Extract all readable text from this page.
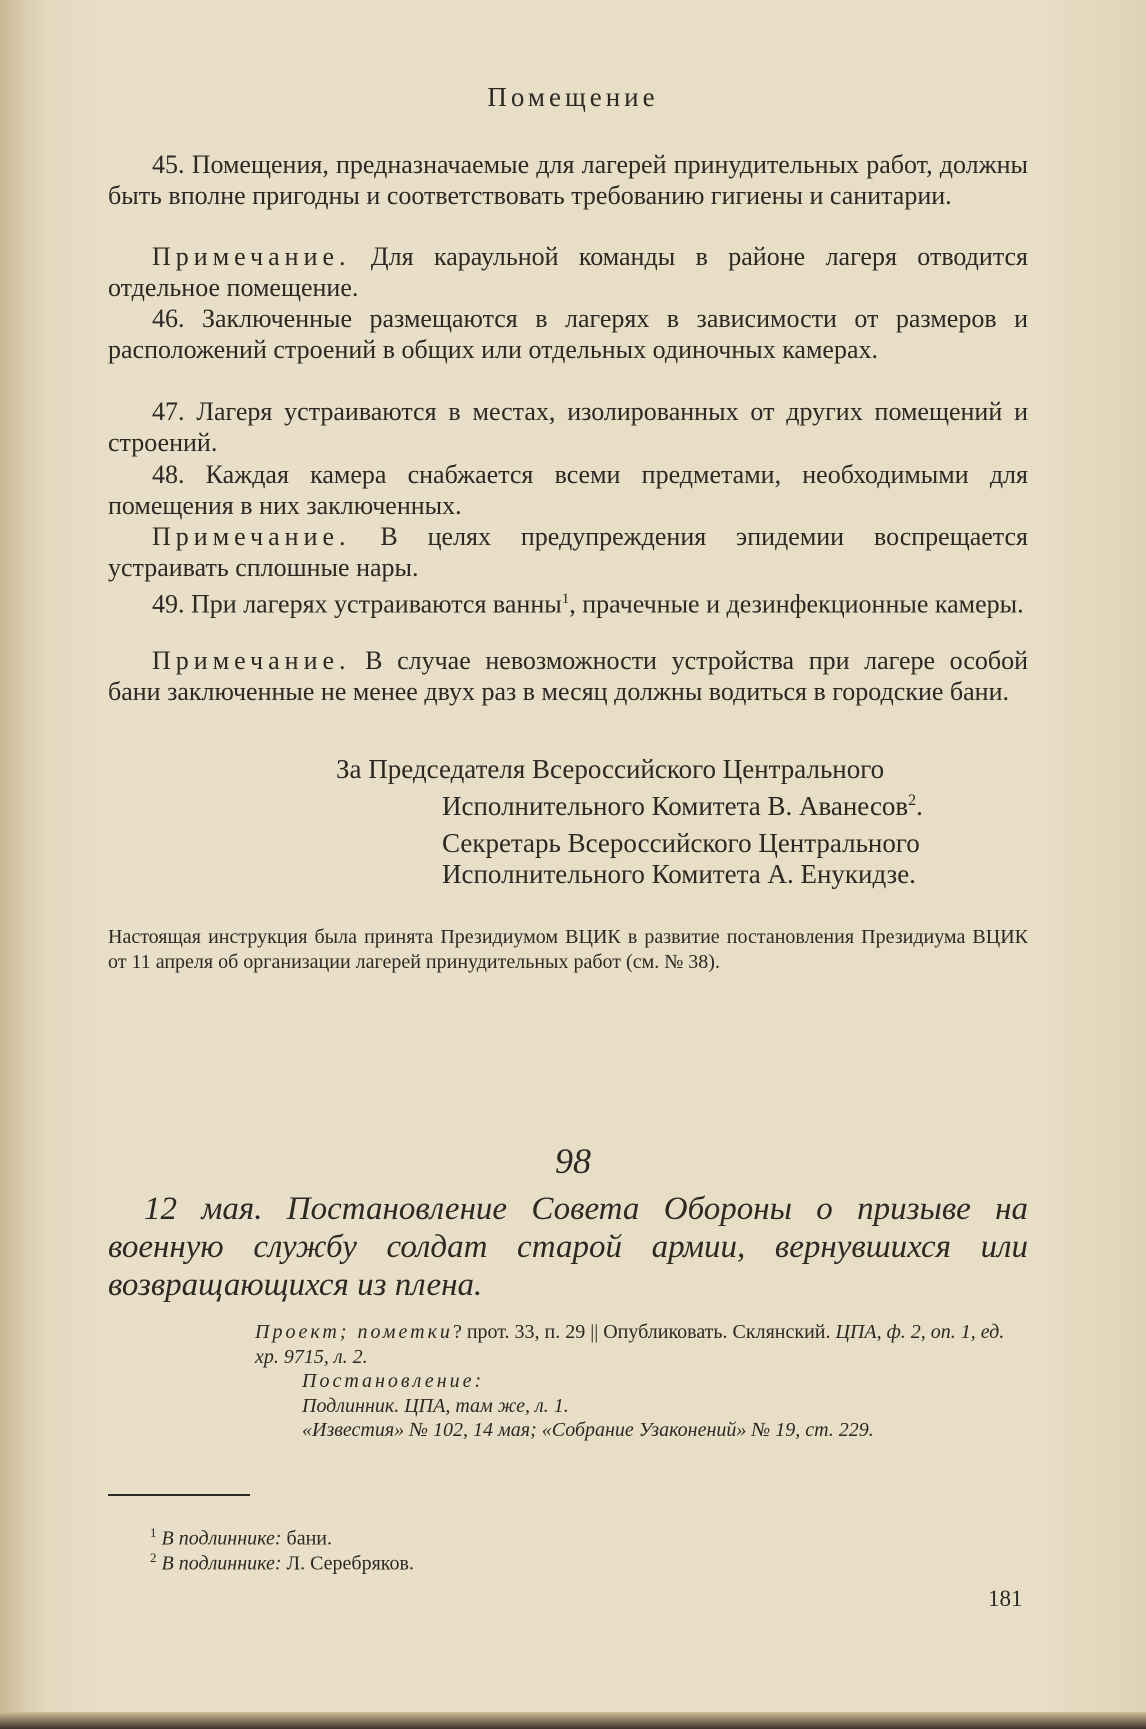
Помещение
45. Помещения, предназначаемые для лагерей принудительных работ, должны быть вполне пригодны и соответствовать требованию гигиены и санитарии.
Примечание. Для караульной команды в районе лагеря отводится отдельное помещение.
46. Заключенные размещаются в лагерях в зависимости от размеров и расположений строений в общих или отдельных одиночных камерах.
47. Лагеря устраиваются в местах, изолированных от других помещений и строений.
48. Каждая камера снабжается всеми предметами, необходимыми для помещения в них заключенных.
Примечание. В целях предупреждения эпидемии воспрещается устраивать сплошные нары.
49. При лагерях устраиваются ванны$^1$, прачечные и дезинфекционные камеры.
Примечание. В случае невозможности устройства при лагере особой бани заключенные не менее двух раз в месяц должны водиться в городские бани.
За Председателя Всероссийского Центрального
Исполнительного Комитета В. Аванесов$^2$.
Секретарь Всероссийского Центрального
Исполнительного Комитета А. Енукидзе.
Настоящая инструкция была принята Президиумом ВЦИК в развитие постановления Президиума ВЦИК от 11 апреля об организации лагерей принудительных работ (см. № 38).
98
12 мая. Постановление Совета Обороны о призыве на военную службу солдат старой армии, вернувшихся или возвращающихся из плена.
Проект; пометки? прот. 33, п. 29 || Опубликовать. Склянский. ЦПА, ф. 2, оп. 1, ед. хр. 9715, л. 2.
Постановление:
Подлинник. ЦПА, там же, л. 1.
«Известия» № 102, 14 мая; «Собрание Узаконений» № 19, ст. 229.
$^1$ В подлиннике: бани.
$^2$ В подлиннике: Л. Серебряков.
181
